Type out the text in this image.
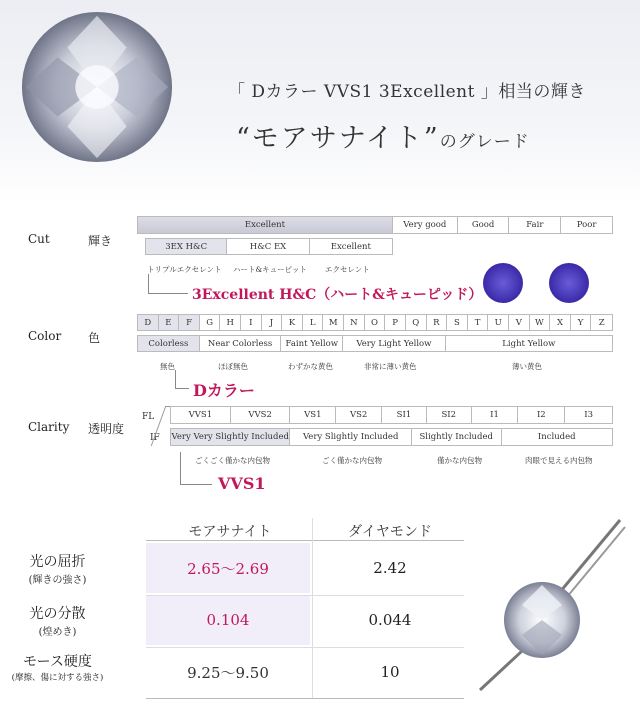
「 Dカラー VVS1 3Excellent 」相当の輝き
“モアサナイト”のグレード
Cut	輝き
Excellent	Very good	Good	Fair	Poor
3EX H&C	H&C EX	Excellent
トリプルエクセレント ハート&キューピット エクセレント
3Excellent H&C（ハート&キューピッド）
Color 色
D	E	F	G	H	I	J	K	L	M	N	O	P	Q	R	S	T	U	V	W	X	Y	Z
Colorless	Near Colorless	Faint Yellow	Very Light Yellow	Light Yellow
無色	ほぼ無色	わずかな黄色	非常に薄い黄色	薄い黄色
Dカラー
Clarity 透明度
FL
IF
VVS1	VVS2	VS1	VS2	SI1	SI2	I1	I2	I3
Very Very Slightly Included	Very Slightly Included	Slightly Included	Included
ごくごく僅かな内包物	ごく僅かな内包物	僅かな内包物	肉眼で見える内包物
VVS1
モアサナイト	ダイヤモンド
光の屈折
(輝きの強さ)
2.65〜2.69	2.42
光の分散
(煌めき)
0.104	0.044
モース硬度
(摩擦、傷に対する強さ)	9.25〜9.50	10
